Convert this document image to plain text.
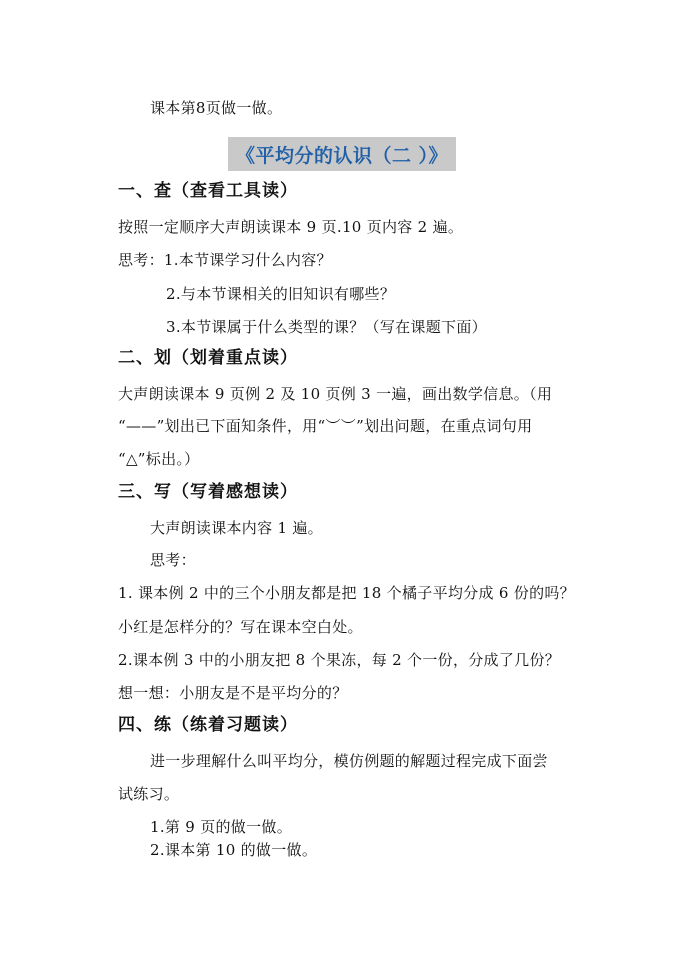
课本第8页做一做。
《平均分的认识（二 ）》
一、查（查看工具读）
按照一定顺序大声朗读课本 9 页.10 页内容 2 遍。
思考：1.本节课学习什么内容？
2.与本节课相关的旧知识有哪些？
3.本节课属于什么类型的课？（写在课题下面）
二、划（划着重点读）
大声朗读课本 9 页例 2 及 10 页例 3 一遍，画出数学信息。（用
“——”划出已下面知条件，用“︶︶”划出问题，在重点词句用
“△”标出。）
三、写（写着感想读）
大声朗读课本内容 1 遍。
思考：
1. 课本例 2 中的三个小朋友都是把 18 个橘子平均分成 6 份的吗？
小红是怎样分的？写在课本空白处。
2.课本例 3 中的小朋友把 8 个果冻，每 2 个一份，分成了几份？
想一想：小朋友是不是平均分的？
四、练（练着习题读）
进一步理解什么叫平均分，模仿例题的解题过程完成下面尝
试练习。
1.第 9 页的做一做。
2.课本第 10 的做一做。
